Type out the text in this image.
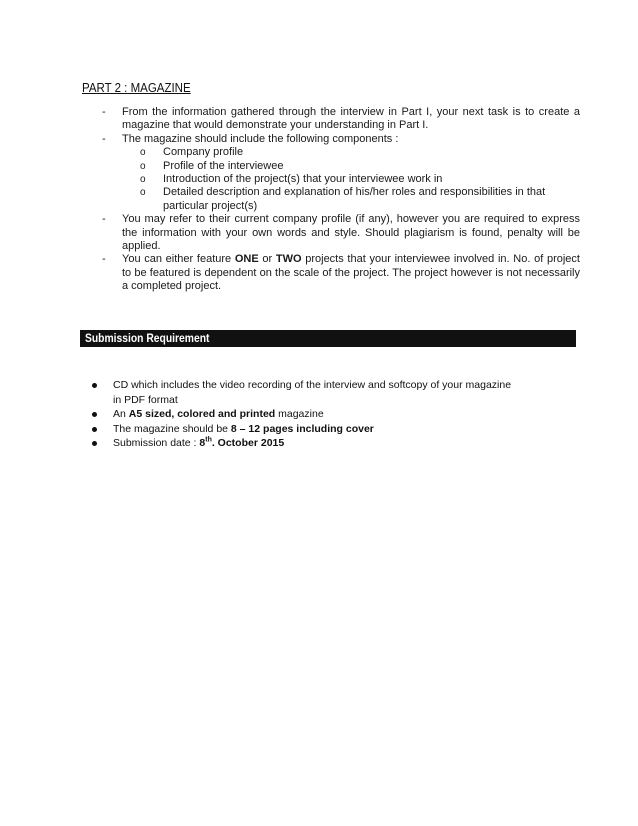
PART 2 : MAGAZINE
- From the information gathered through the interview in Part I, your next task is to create a magazine that would demonstrate your understanding in Part I.
- The magazine should include the following components :
o Company profile
o Profile of the interviewee
o Introduction of the project(s) that your interviewee work in
o Detailed description and explanation of his/her roles and responsibilities in that particular project(s)
- You may refer to their current company profile (if any), however you are required to express the information with your own words and style. Should plagiarism is found, penalty will be applied.
- You can either feature ONE or TWO projects that your interviewee involved in. No. of project to be featured is dependent on the scale of the project. The project however is not necessarily a completed project.
Submission Requirement
CD which includes the video recording of the interview and softcopy of your magazine in PDF format
An A5 sized, colored and printed magazine
The magazine should be 8 – 12 pages including cover
Submission date : 8th. October 2015
